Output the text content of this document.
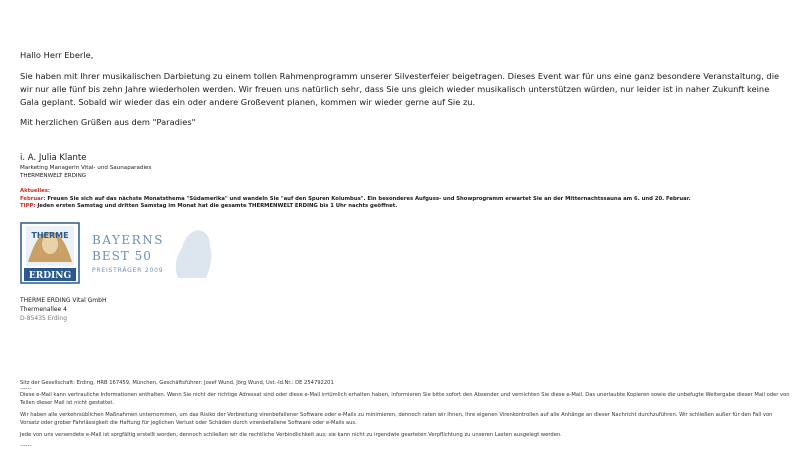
Hallo Herr Eberle,
Sie haben mit Ihrer musikalischen Darbietung zu einem tollen Rahmenprogramm unserer Silvesterfeier beigetragen. Dieses Event war für uns eine ganz besondere Veranstaltung, die wir nur alle fünf bis zehn Jahre wiederholen werden. Wir freuen uns natürlich sehr, dass Sie uns gleich wieder musikalisch unterstützen würden, nur leider ist in naher Zukunft keine Gala geplant. Sobald wir wieder das ein oder andere Großevent planen, kommen wir wieder gerne auf Sie zu.
Mit herzlichen Grüßen aus dem "Paradies"
i. A. Julia Klante
Marketing Managerin Vital- und Saunaparadies
THERMENWELT ERDING
Aktuelles:
Februar: Freuen Sie sich auf das nächste Monatsthema "Südamerika" und wandeln Sie "auf den Spuren Kolumbus". Ein besonderes Aufguss- und Showprogramm erwartet Sie an der Mitternachtssauna am 6. und 20. Februar.
TIPP: Jeden ersten Samstag und dritten Samstag im Monat hat die gesamte THERMENWELT ERDING bis 1 Uhr nachts geöffnet.
THERME
ERDING
BAYERNS
BEST 50
PREISTRÄGER 2009
THERME ERDING Vital GmbH
Thermenallee 4
D-85435 Erding
Sitz der Gesellschaft: Erding, HRB 167459, München, Geschäftsführer: Josef Wund, Jörg Wund, Ust.-Id.Nr.: DE 254792201
------

Diese e-Mail kann vertrauliche Informationen enthalten. Wenn Sie nicht der richtige Adressat sind oder diese e-Mail irrtümlich erhalten haben, informieren Sie bitte sofort den Absender und vernichten Sie diese e-Mail. Das unerlaubte Kopieren sowie die unbefugte Weitergabe dieser Mail oder von Teilen dieser Mail ist nicht gestattet.

Wir haben alle verkehrsüblichen Maßnahmen unternommen, um das Risiko der Verbreitung virenbefallener Software oder e-Mails zu minimieren, dennoch raten wir Ihnen, Ihre eigenen Virenkontrollen auf alle Anhänge an dieser Nachricht durchzuführen. Wir schließen außer für den Fall von Vorsatz oder grober Fahrlässigkeit die Haftung für jeglichen Verlust oder Schäden durch virenbefallene Software oder e-Mails aus.

Jede von uns versendete e-Mail ist sorgfältig erstellt worden, dennoch schließen wir die rechtliche Verbindlichkeit aus; sie kann nicht zu irgendwie gearteten Verpflichtung zu unseren Lasten ausgelegt werden.

------
